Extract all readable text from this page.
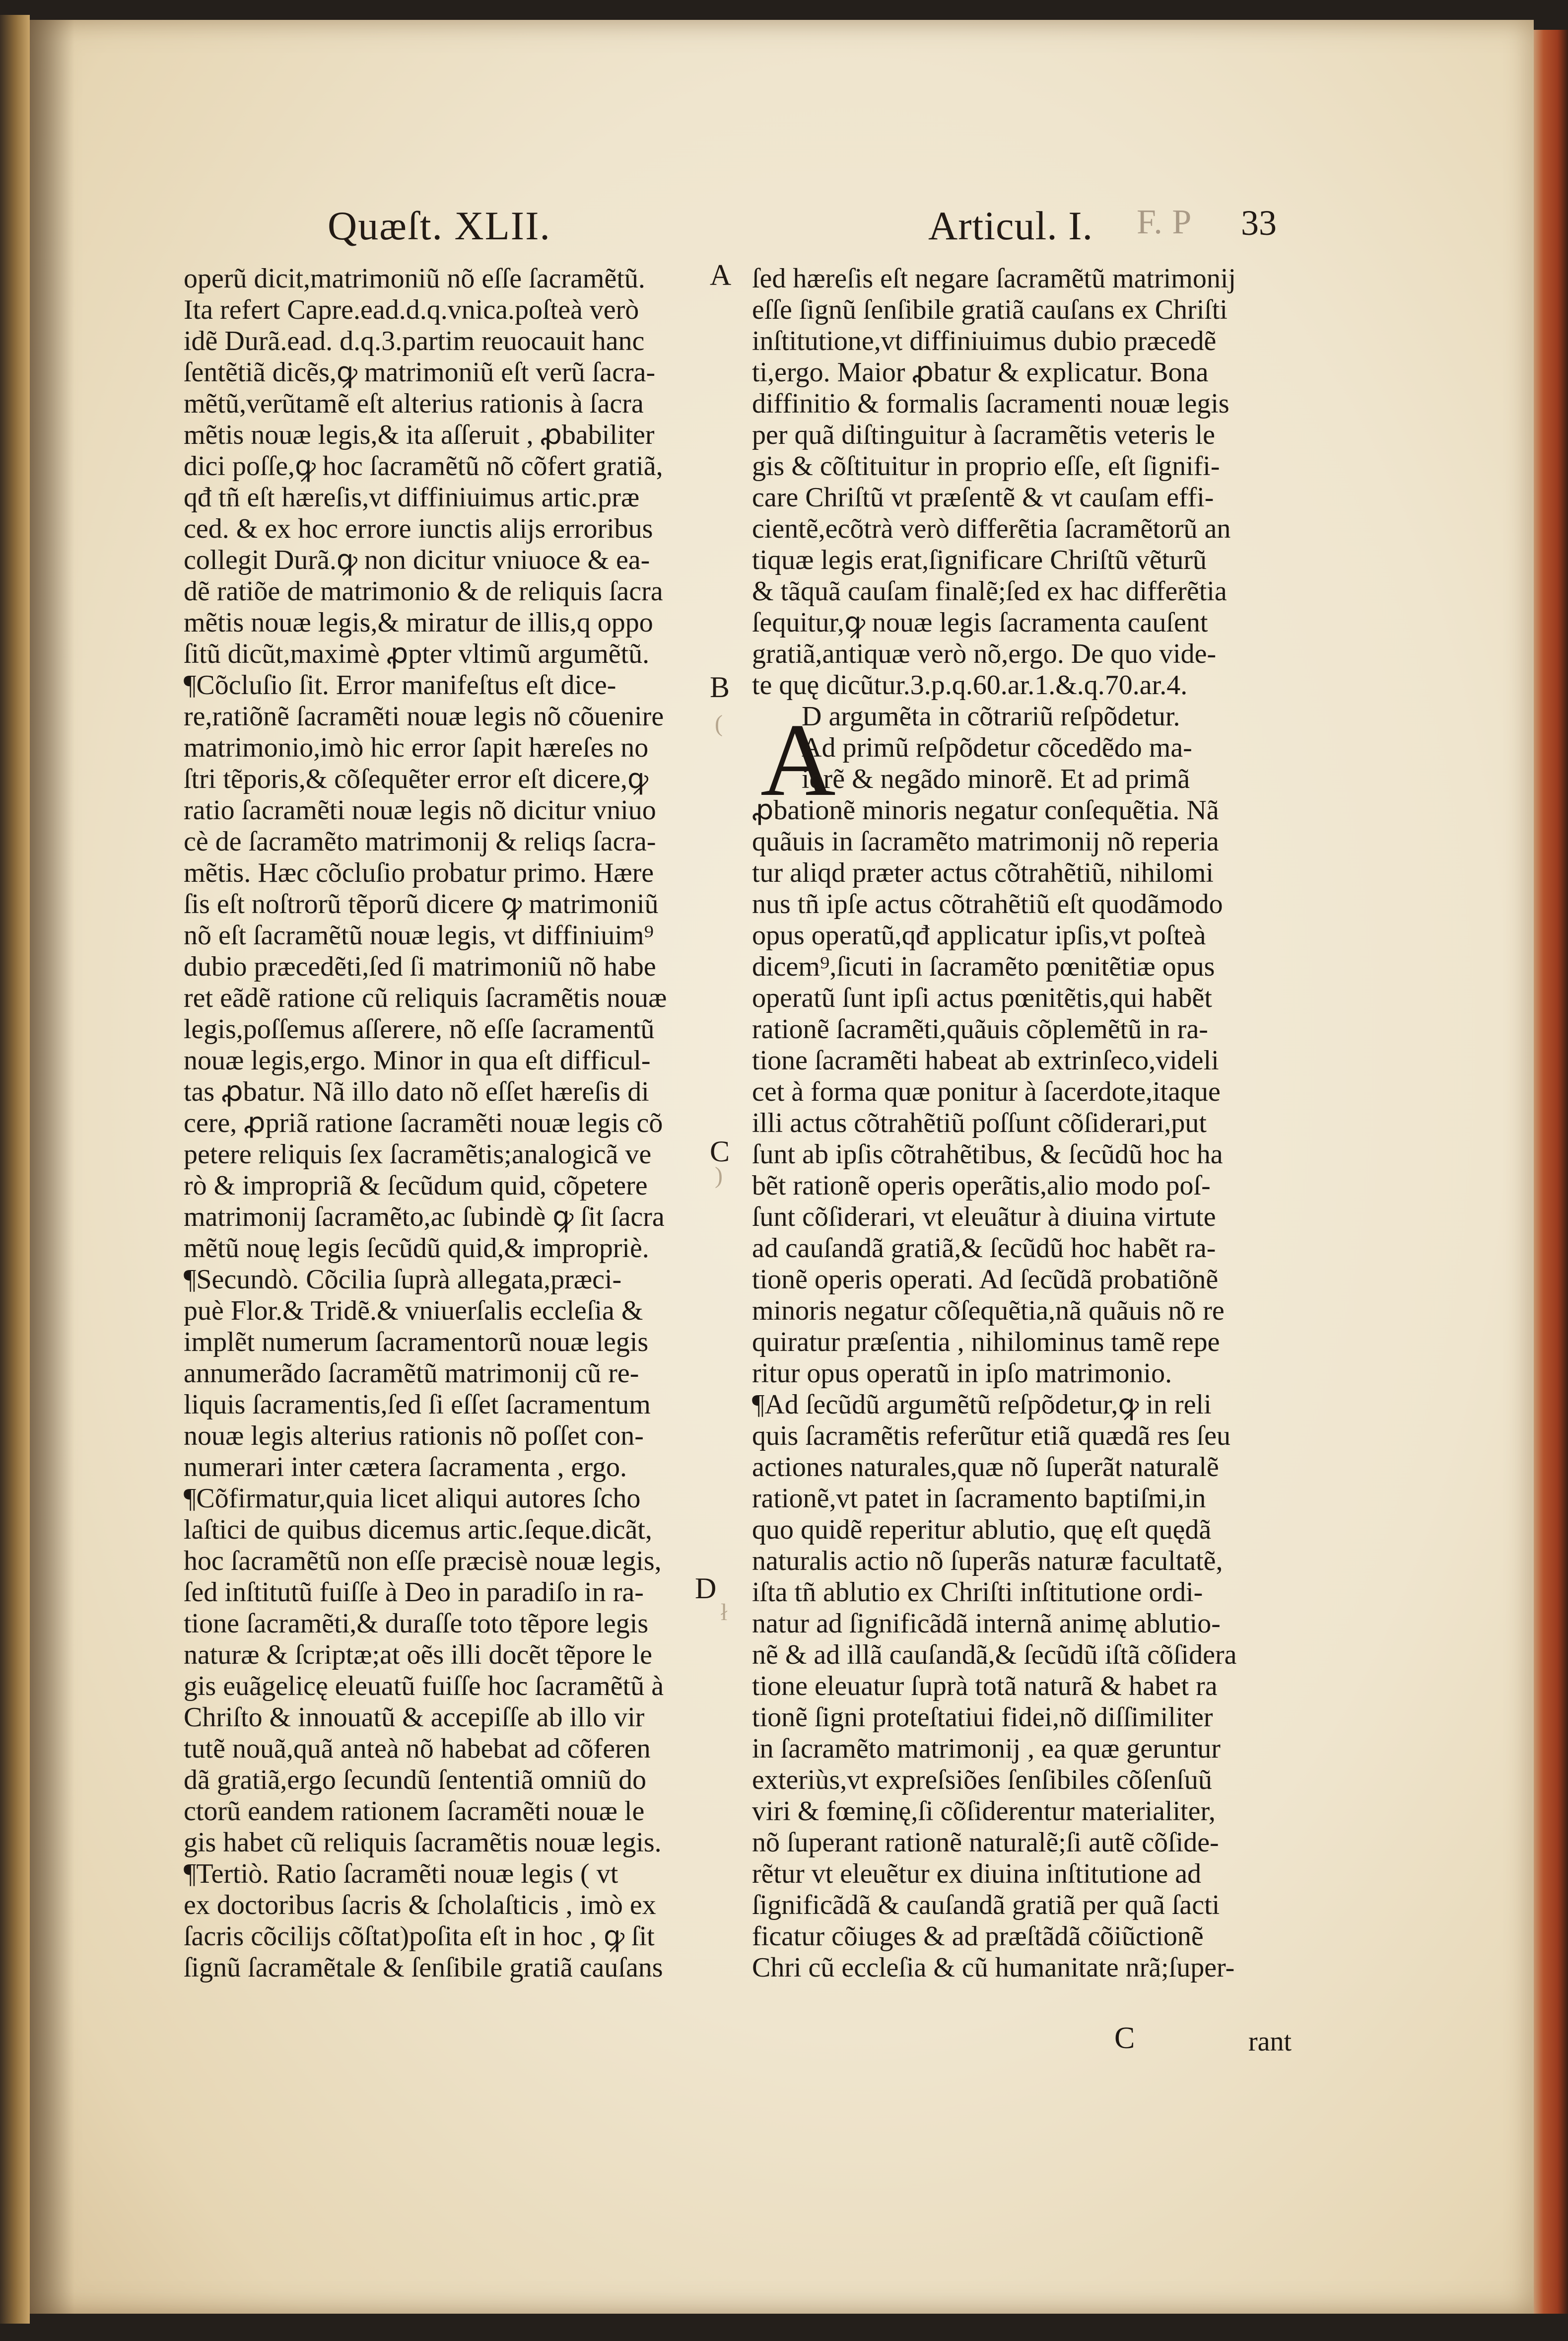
Quæſt. XLII.	Articul. I. F. P 33
A
B
C
D
(
)
ł
A
operũ dicit,matrimoniũ nõ eſſe ſacramẽtũ.
Ita refert Capre.ead.d.q.vnica.poſteà verò
idẽ Durã.ead. d.q.3.partim reuocauit hanc
ſentẽtiã dicẽs,ꝙ matrimoniũ eſt verũ ſacra-
mẽtũ,verũtamẽ eſt alterius rationis à ſacra
mẽtis nouæ legis,& ita aſſeruit , ꝓbabiliter
dici poſſe,ꝙ hoc ſacramẽtũ nõ cõfert gratiã,
qđ tñ eſt hæreſis,vt diffiniuimus artic.præ
ced. & ex hoc errore iunctis alijs erroribus
collegit Durã.ꝙ non dicitur vniuoce & ea-
dẽ ratiõe de matrimonio & de reliquis ſacra
mẽtis nouæ legis,& miratur de illis,q oppo
ſitũ dicũt,maximè ꝓpter vltimũ argumẽtũ.
¶Cõcluſio ſit. Error manifeſtus eſt dice-
re,ratiõnẽ ſacramẽti nouæ legis nõ cõuenire
matrimonio,imò hic error ſapit hæreſes no
ſtri tẽporis,& cõſequẽter error eſt dicere,ꝙ
ratio ſacramẽti nouæ legis nõ dicitur vniuo
cè de ſacramẽto matrimonij & reliqs ſacra-
mẽtis. Hæc cõcluſio probatur primo. Hære
ſis eſt noſtrorũ tẽporũ dicere ꝙ matrimoniũ
nõ eſt ſacramẽtũ nouæ legis, vt diffiniuim⁹
dubio præcedẽti,ſed ſi matrimoniũ nõ habe
ret eãdẽ ratione cũ reliquis ſacramẽtis nouæ
legis,poſſemus aſſerere, nõ eſſe ſacramentũ
nouæ legis,ergo. Minor in qua eſt difficul-
tas ꝓbatur. Nã illo dato nõ eſſet hæreſis di
cere, ꝓpriã ratione ſacramẽti nouæ legis cõ
petere reliquis ſex ſacramẽtis;analogicã ve
rò & impropriã & ſecũdum quid, cõpetere
matrimonij ſacramẽto,ac ſubindè ꝙ ſit ſacra
mẽtũ nouę legis ſecũdũ quid,& impropriè.
¶Secundò. Cõcilia ſuprà allegata,præci-
puè Flor.& Tridẽ.& vniuerſalis eccleſia &
implẽt numerum ſacramentorũ nouæ legis
annumerãdo ſacramẽtũ matrimonij cũ re-
liquis ſacramentis,ſed ſi eſſet ſacramentum
nouæ legis alterius rationis nõ poſſet con-
numerari inter cætera ſacramenta , ergo.
¶Cõfirmatur,quia licet aliqui autores ſcho
laſtici de quibus dicemus artic.ſeque.dicãt,
hoc ſacramẽtũ non eſſe præcisè nouæ legis,
ſed inſtitutũ fuiſſe à Deo in paradiſo in ra-
tione ſacramẽti,& duraſſe toto tẽpore legis
naturæ & ſcriptæ;at oẽs illi docẽt tẽpore le
gis euãgelicę eleuatũ fuiſſe hoc ſacramẽtũ à
Chriſto & innouatũ & accepiſſe ab illo vir
tutẽ nouã,quã anteà nõ habebat ad cõferen
dã gratiã,ergo ſecundũ ſententiã omniũ do
ctorũ eandem rationem ſacramẽti nouæ le
gis habet cũ reliquis ſacramẽtis nouæ legis.
¶Tertiò. Ratio ſacramẽti nouæ legis ( vt
ex doctoribus ſacris & ſcholaſticis , imò ex
ſacris cõcilijs cõſtat)poſita eſt in hoc , ꝙ ſit
ſignũ ſacramẽtale & ſenſibile gratiã cauſans
ſed hæreſis eſt negare ſacramẽtũ matrimonij
eſſe ſignũ ſenſibile gratiã cauſans ex Chriſti
inſtitutione,vt diffiniuimus dubio præcedẽ
ti,ergo. Maior ꝓbatur & explicatur. Bona
diffinitio & formalis ſacramenti nouæ legis
per quã diſtinguitur à ſacramẽtis veteris le
gis & cõſtituitur in proprio eſſe, eſt ſignifi-
care Chriſtũ vt præſentẽ & vt cauſam effi-
cientẽ,ecõtrà verò differẽtia ſacramẽtorũ an
tiquæ legis erat,ſignificare Chriſtũ vẽturũ
& tãquã cauſam finalẽ;ſed ex hac differẽtia
ſequitur,ꝙ nouæ legis ſacramenta cauſent
gratiã,antiquæ verò nõ,ergo. De quo vide-
te quę dicũtur.3.p.q.60.ar.1.&.q.70.ar.4.
D argumẽta in cõtrariũ reſpõdetur.
Ad primũ reſpõdetur cõcedẽdo ma-
iorẽ & negãdo minorẽ. Et ad primã
ꝓbationẽ minoris negatur conſequẽtia. Nã
quãuis in ſacramẽto matrimonij nõ reperia
tur aliqd præter actus cõtrahẽtiũ, nihilomi
nus tñ ipſe actus cõtrahẽtiũ eſt quodãmodo
opus operatũ,qđ applicatur ipſis,vt poſteà
dicem⁹,ſicuti in ſacramẽto pœnitẽtiæ opus
operatũ ſunt ipſi actus pœnitẽtis,qui habẽt
rationẽ ſacramẽti,quãuis cõplemẽtũ in ra-
tione ſacramẽti habeat ab extrinſeco,videli
cet à forma quæ ponitur à ſacerdote,itaque
illi actus cõtrahẽtiũ poſſunt cõſiderari,put
ſunt ab ipſis cõtrahẽtibus, & ſecũdũ hoc ha
bẽt rationẽ operis operãtis,alio modo poſ-
ſunt cõſiderari, vt eleuãtur à diuina virtute
ad cauſandã gratiã,& ſecũdũ hoc habẽt ra-
tionẽ operis operati. Ad ſecũdã probatiõnẽ
minoris negatur cõſequẽtia,nã quãuis nõ re
quiratur præſentia , nihilominus tamẽ repe
ritur opus operatũ in ipſo matrimonio.
¶Ad ſecũdũ argumẽtũ reſpõdetur,ꝙ in reli
quis ſacramẽtis referũtur etiã quædã res ſeu
actiones naturales,quæ nõ ſuperãt naturalẽ
rationẽ,vt patet in ſacramento baptiſmi,in
quo quidẽ reperitur ablutio, quę eſt quędã
naturalis actio nõ ſuperãs naturæ facultatẽ,
iſta tñ ablutio ex Chriſti inſtitutione ordi-
natur ad ſignificãdã internã animę ablutio-
nẽ & ad illã cauſandã,& ſecũdũ iſtã cõſidera
tione eleuatur ſuprà totã naturã & habet ra
tionẽ ſigni proteſtatiui fidei,nõ diſſimiliter
in ſacramẽto matrimonij , ea quæ geruntur
exteriùs,vt expreſsiões ſenſibiles cõſenſuũ
viri & fœminę,ſi cõſiderentur materialiter,
nõ ſuperant rationẽ naturalẽ;ſi autẽ cõſide-
rẽtur vt eleuẽtur ex diuina inſtitutione ad
ſignificãdã & cauſandã gratiã per quã ſacti
ficatur cõiuges & ad præſtãdã cõiũctionẽ
Chri cũ eccleſia & cũ humanitate nrã;ſuper-
C	rant
